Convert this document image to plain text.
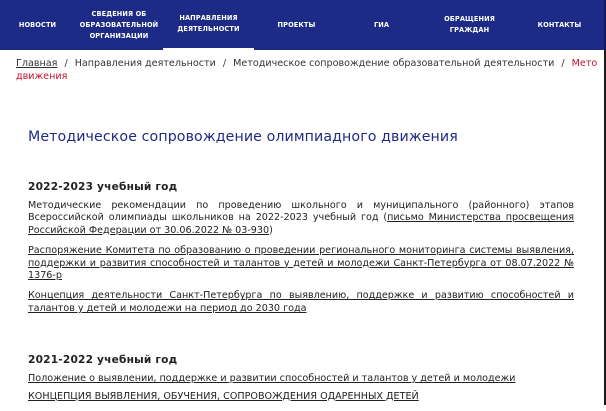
НОВОСТИ
СВЕДЕНИЯ ОБ
ОБРАЗОВАТЕЛЬНОЙ
ОРГАНИЗАЦИИ
НАПРАВЛЕНИЯ
ДЕЯТЕЛЬНОСТИ
ПРОЕКТЫ	ГИА
ОБРАЩЕНИЯ
ГРАЖДАН
КОНТАКТЫ
Главная / Направления деятельности / Методическое сопровождение образовательной деятельности / Мето
движения
Методическое сопровождение олимпиадного движения
2022-2023 учебный год

Методические рекомендации по проведению школьного и муниципального (районного) этапов Всероссийской олимпиады школьников на 2022-2023 учебный год (письмо Министерства просвещения Российской Федерации от 30.06.2022 № 03-930)

Распоряжение Комитета по образованию о проведении регионального мониторинга системы выявления, поддержки и развития способностей и талантов у детей и молодежи Санкт-Петербурга от 08.07.2022 № 1376-р

Концепция деятельности Санкт-Петербурга по выявлению, поддержке и развитию способностей и талантов у детей и молодежи на период до 2030 года

2021-2022 учебный год

Положение о выявлении, поддержке и развитии способностей и талантов у детей и молодежи

КОНЦЕПЦИЯ ВЫЯВЛЕНИЯ, ОБУЧЕНИЯ, СОПРОВОЖДЕНИЯ ОДАРЕННЫХ ДЕТЕЙ
